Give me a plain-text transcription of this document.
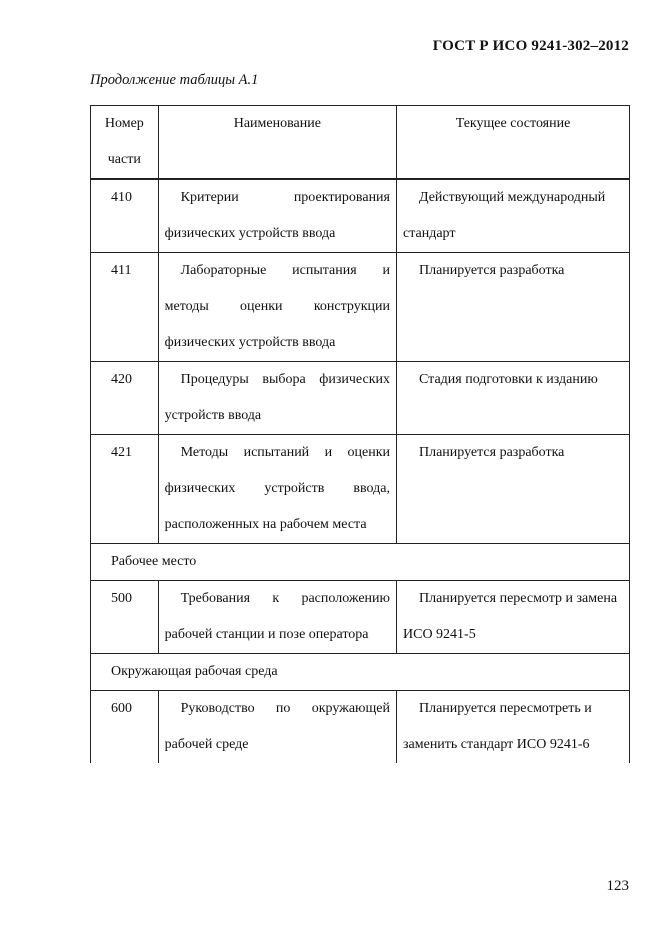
ГОСТ Р ИСО 9241-302–2012
Продолжение таблицы А.1
Номер
части	Наименование	Текущее состояние
410	Критерии проектирования физических устройств ввода	Действующий международный стандарт
411	Лабораторные испытания и методы оценки конструкции физических устройств ввода	Планируется разработка
420	Процедуры выбора физических устройств ввода	Стадия подготовки к изданию
421	Методы испытаний и оценки физических устройств ввода, расположенных на рабочем места	Планируется разработка
Рабочее место		
500	Требования к расположению рабочей станции и позе оператора	Планируется пересмотр и замена ИСО 9241-5
Окружающая рабочая среда		
600	Руководство по окружающей рабочей среде	Планируется пересмотреть и заменить стандарт ИСО 9241-6
123
